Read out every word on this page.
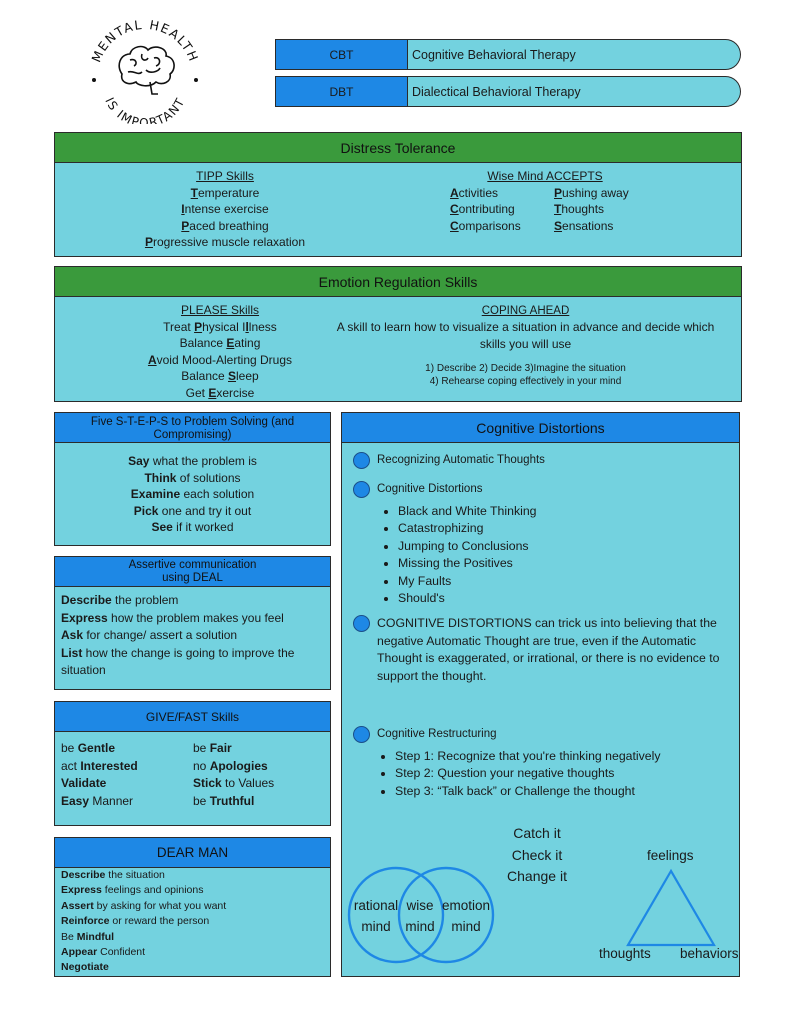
MENTAL HEALTH
IS IMPORTANT
CBT	Cognitive Behavioral Therapy
DBT	Dialectical Behavioral Therapy
Distress Tolerance
TIPP Skills
Temperature
Intense exercise
Paced breathing
Progressive muscle relaxation
Wise Mind ACCEPTS
Activities
Contributing
Comparisons
Pushing away
Thoughts
Sensations
Emotion Regulation Skills
PLEASE Skills
Treat Physical Illness
Balance Eating
Avoid Mood-Alerting Drugs
Balance Sleep
Get Exercise
COPING AHEAD
A skill to learn how to visualize a situation in advance and decide which skills you will use
1) Describe 2) Decide 3)Imagine the situation
4) Rehearse coping effectively in your mind
Five S-T-E-P-S to Problem Solving (and Compromising)
Say what the problem is
Think of solutions
Examine each solution
Pick one and try it out
See if it worked
Assertive communication
using DEAL
Describe the problem
Express how the problem makes you feel
Ask for change/ assert a solution
List how the change is going to improve the situation
GIVE/FAST Skills
be Gentle
act Interested
Validate
Easy Manner
be Fair
no Apologies
Stick to Values
be Truthful
DEAR MAN
Describe the situation
Express feelings and opinions
Assert by asking for what you want
Reinforce or reward the person
Be Mindful
Appear Confident
Negotiate
Cognitive Distortions
Recognizing Automatic Thoughts
Cognitive Distortions
• Black and White Thinking
• Catastrophizing
• Jumping to Conclusions
• Missing the Positives
• My Faults
• Should's
COGNITIVE DISTORTIONS can trick us into believing that the negative Automatic Thought are true, even if the Automatic Thought is exaggerated, or irrational, or there is no evidence to support the thought.
Cognitive Restructuring
• Step 1: Recognize that you're thinking negatively
• Step 2: Question your negative thoughts
• Step 3: “Talk back” or Challenge the thought
Catch it
Check it
Change it
rational
mind
wise
mind
emotion
mind
feelings
thoughts behaviors
